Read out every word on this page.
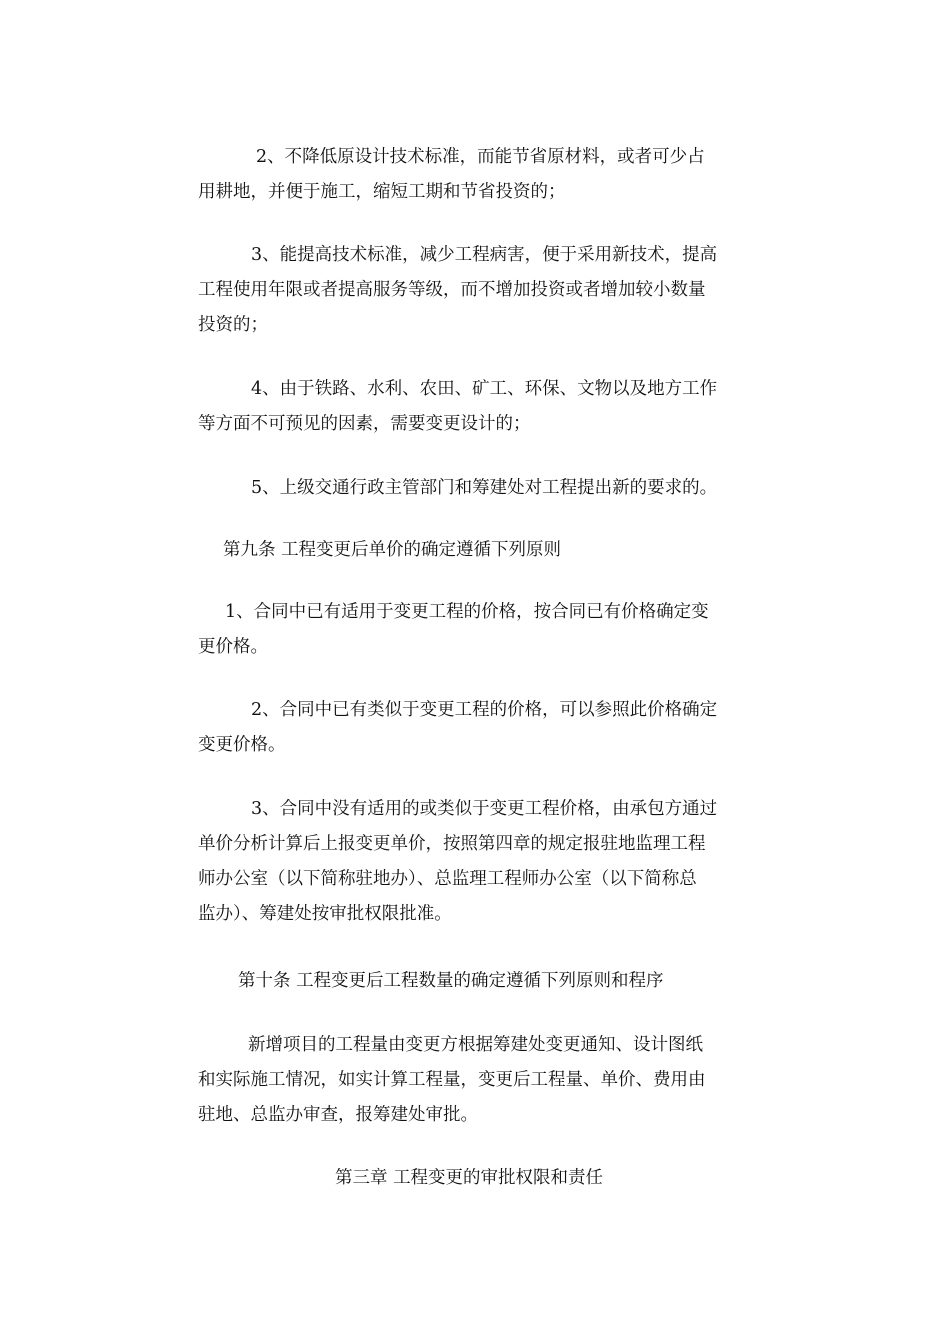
2、不降低原设计技术标准，而能节省原材料，或者可少占
用耕地，并便于施工，缩短工期和节省投资的；

3、能提高技术标准，减少工程病害，便于采用新技术，提高
工程使用年限或者提高服务等级，而不增加投资或者增加较小数量
投资的；

4、由于铁路、水利、农田、矿工、环保、文物以及地方工作
等方面不可预见的因素，需要变更设计的；

5、上级交通行政主管部门和筹建处对工程提出新的要求的。

第九条 工程变更后单价的确定遵循下列原则

1、合同中已有适用于变更工程的价格，按合同已有价格确定变
更价格。

2、合同中已有类似于变更工程的价格，可以参照此价格确定
变更价格。

3、合同中没有适用的或类似于变更工程价格，由承包方通过
单价分析计算后上报变更单价，按照第四章的规定报驻地监理工程
师办公室（以下简称驻地办）、总监理工程师办公室（以下简称总
监办）、筹建处按审批权限批准。

第十条 工程变更后工程数量的确定遵循下列原则和程序

新增项目的工程量由变更方根据筹建处变更通知、设计图纸
和实际施工情况，如实计算工程量，变更后工程量、单价、费用由
驻地、总监办审查，报筹建处审批。

第三章 工程变更的审批权限和责任
